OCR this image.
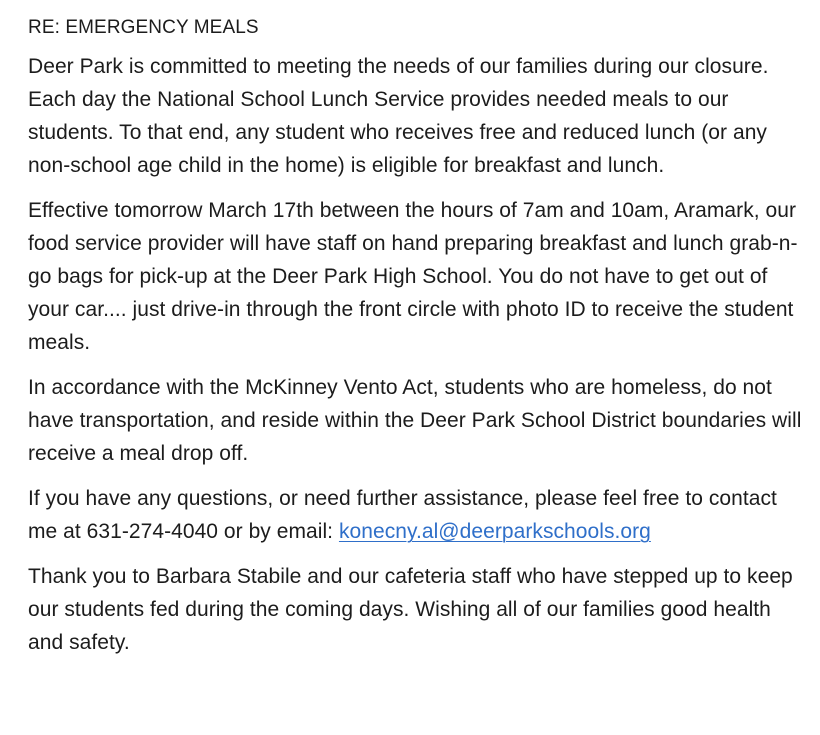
RE: EMERGENCY MEALS

Deer Park is committed to meeting the needs of our families during our closure. Each day the National School Lunch Service provides needed meals to our students. To that end, any student who receives free and reduced lunch (or any non-school age child in the home) is eligible for breakfast and lunch.

Effective tomorrow March 17th between the hours of 7am and 10am, Aramark, our food service provider will have staff on hand preparing breakfast and lunch grab-n-go bags for pick-up at the Deer Park High School. You do not have to get out of your car.... just drive-in through the front circle with photo ID to receive the student meals.

In accordance with the McKinney Vento Act, students who are homeless, do not have transportation, and reside within the Deer Park School District boundaries will receive a meal drop off.

If you have any questions, or need further assistance, please feel free to contact me at 631-274-4040 or by email: konecny.al@deerparkschools.org

Thank you to Barbara Stabile and our cafeteria staff who have stepped up to keep our students fed during the coming days. Wishing all of our families good health and safety.
